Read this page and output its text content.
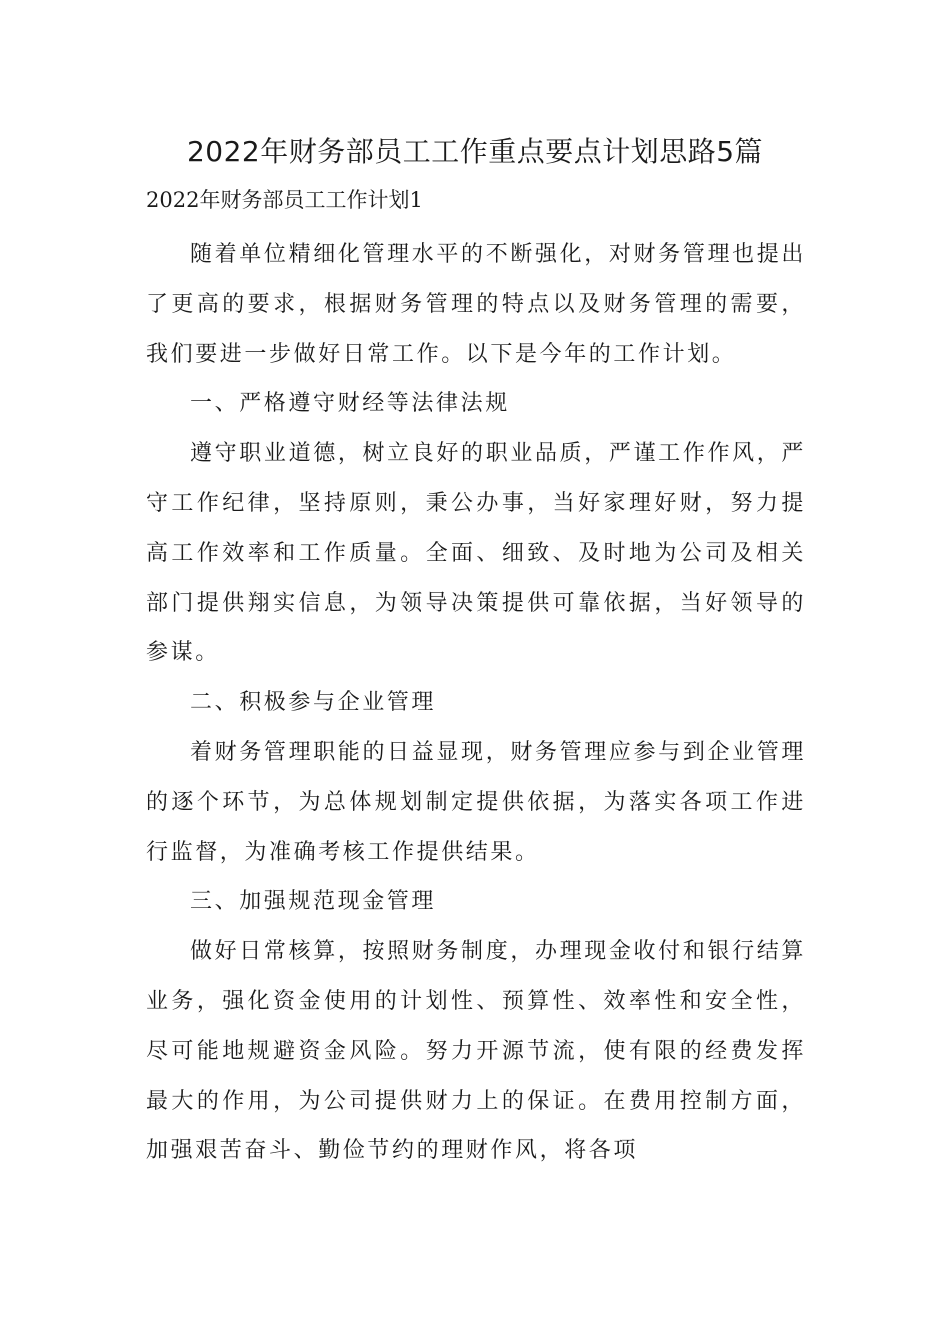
2022年财务部员工工作重点要点计划思路5篇
2022年财务部员工工作计划1

随着单位精细化管理水平的不断强化，对财务管理也提出了更高的要求，根据财务管理的特点以及财务管理的需要，我们要进一步做好日常工作。以下是今年的工作计划。

一、严格遵守财经等法律法规

遵守职业道德，树立良好的职业品质，严谨工作作风，严守工作纪律，坚持原则，秉公办事，当好家理好财，努力提高工作效率和工作质量。全面、细致、及时地为公司及相关部门提供翔实信息，为领导决策提供可靠依据，当好领导的参谋。

二、积极参与企业管理

着财务管理职能的日益显现，财务管理应参与到企业管理的逐个环节，为总体规划制定提供依据，为落实各项工作进行监督，为准确考核工作提供结果。

三、加强规范现金管理

做好日常核算，按照财务制度，办理现金收付和银行结算业务，强化资金使用的计划性、预算性、效率性和安全性，尽可能地规避资金风险。努力开源节流，使有限的经费发挥最大的作用，为公司提供财力上的保证。在费用控制方面，加强艰苦奋斗、勤俭节约的理财作风，将各项
